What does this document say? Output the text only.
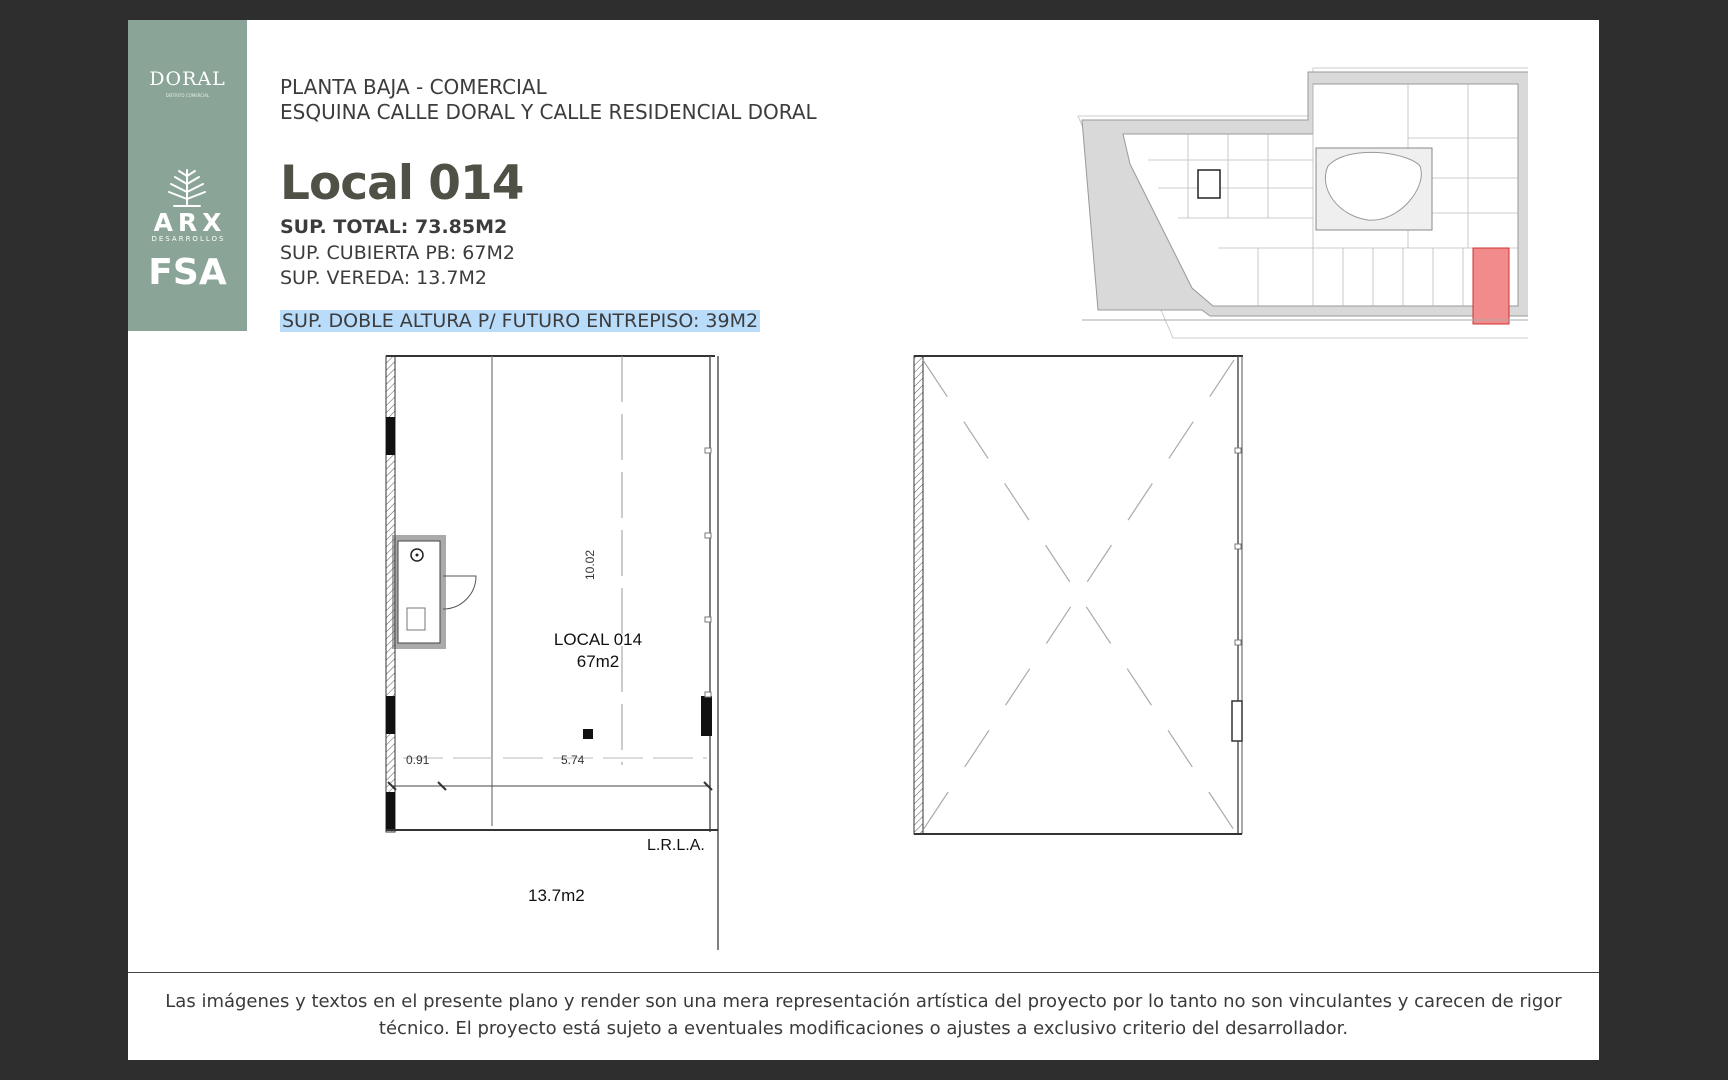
DORAL
DISTRITO COMERCIAL
ARX
DESARROLLOS
FSA
PLANTA BAJA - COMERCIAL
ESQUINA CALLE DORAL Y CALLE RESIDENCIAL DORAL
Local 014
SUP. TOTAL: 73.85M2
SUP. CUBIERTA PB: 67M2
SUP. VEREDA: 13.7M2
SUP. DOBLE ALTURA P/ FUTURO ENTREPISO: 39M2
LOCAL 014
67m2
10.02
0.91	5.74
L.R.L.A.
13.7m2
Las imágenes y textos en el presente plano y render son una mera representación artística del proyecto por lo tanto no son vinculantes y carecen de rigor técnico. El proyecto está sujeto a eventuales modificaciones o ajustes a exclusivo criterio del desarrollador.
